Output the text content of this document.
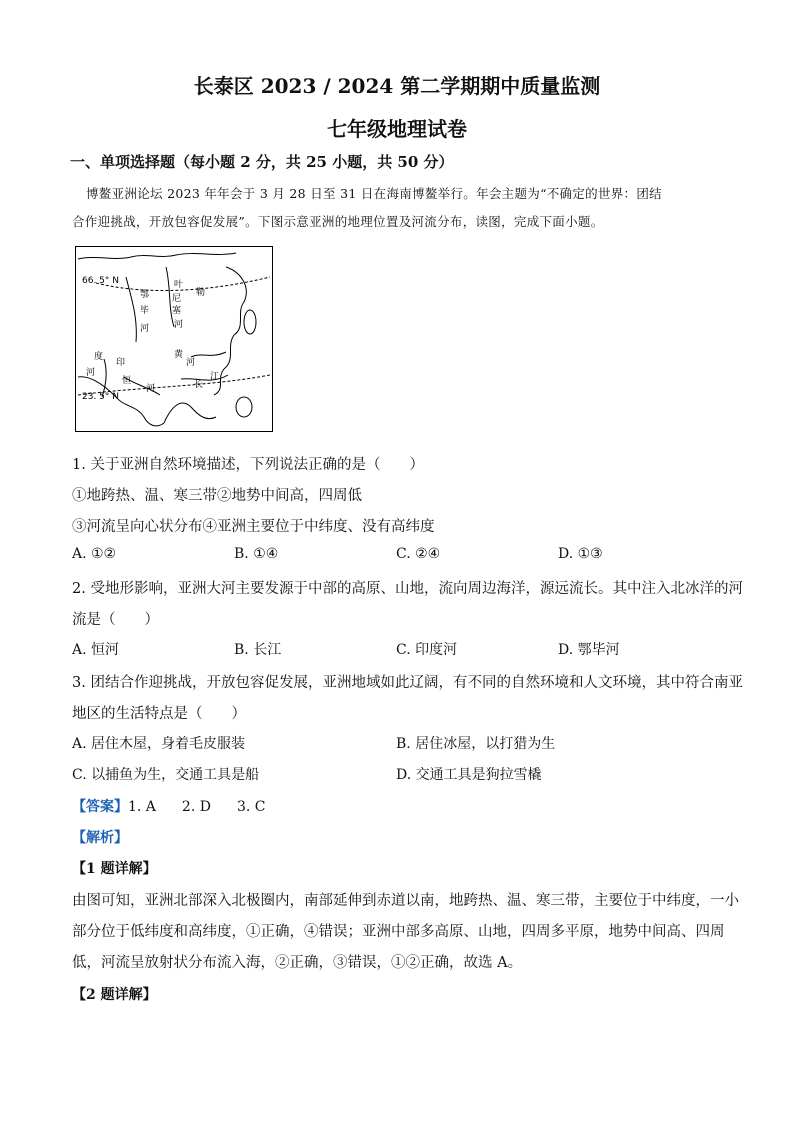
长泰区 2023 / 2024 第二学期期中质量监测
七年级地理试卷
一、单项选择题（每小题 2 分，共 25 小题，共 50 分）
博鳌亚洲论坛 2023 年年会于 3 月 28 日至 31 日在海南博鳌举行。年会主题为“不确定的世界：团结
合作迎挑战，开放包容促发展”。下图示意亚洲的地理位置及河流分布，读图，完成下面小题。
66. 5° N
23. 5° N
叶
尼
塞
河
鄂
毕
河
黄
河
勒
印
度
河
恒
河	长
江
1. 关于亚洲自然环境描述，下列说法正确的是（　　）
①地跨热、温、寒三带②地势中间高，四周低
③河流呈向心状分布④亚洲主要位于中纬度、没有高纬度
A. ①②	B. ①④	C. ②④	D. ①③
2. 受地形影响，亚洲大河主要发源于中部的高原、山地，流向周边海洋，源远流长。其中注入北冰洋的河
流是（　　）
A. 恒河	B. 长江	C. 印度河	D. 鄂毕河
3. 团结合作迎挑战，开放包容促发展，亚洲地域如此辽阔，有不同的自然环境和人文环境，其中符合南亚
地区的生活特点是（　　）
A. 居住木屋，身着毛皮服装	B. 居住冰屋，以打猎为生
C. 以捕鱼为生，交通工具是船	D. 交通工具是狗拉雪橇
【答案】1. A 2. D 3. C
【解析】
【1 题详解】
由图可知，亚洲北部深入北极圈内，南部延伸到赤道以南，地跨热、温、寒三带，主要位于中纬度，一小
部分位于低纬度和高纬度，①正确，④错误；亚洲中部多高原、山地，四周多平原，地势中间高、四周
低，河流呈放射状分布流入海，②正确，③错误，①②正确，故选 A。
【2 题详解】
